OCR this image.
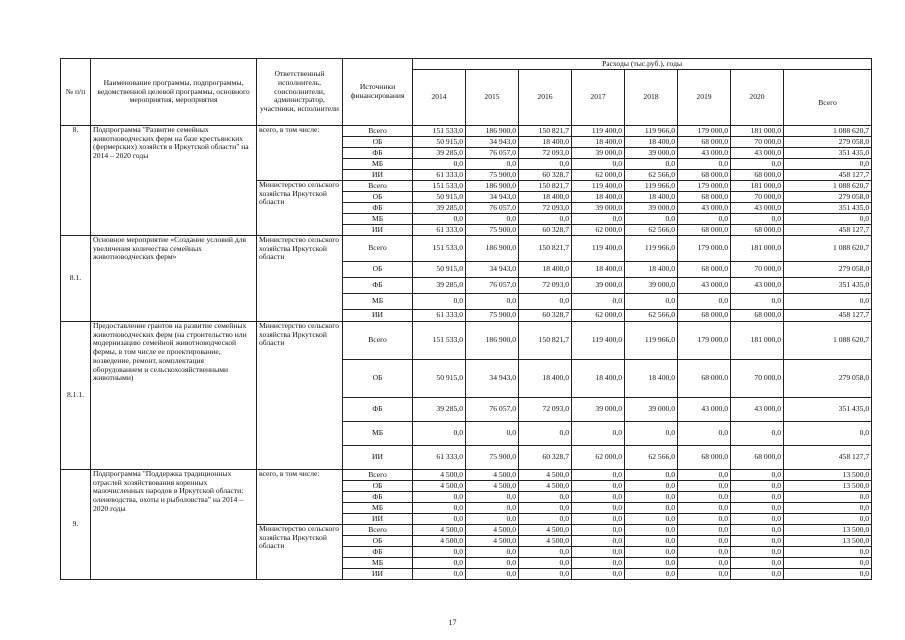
№ п/п	Наименование программы, подпрограммы, ведомственной целевой программы, основного мероприятия, мероприятия	Ответственный исполнитель, соисполнители, администратор, участники, исполнители	Источники финансирования	Расходы (тыс.руб.), годы							
				2014	2015	2016	2017	2018	2019	2020	Всего
8.	Подпрограмма "Развитие семейных животноводческих ферм на базе крестьянских (фермерских) хозяйств в Иркутской области" на 2014 – 2020 годы	всего, в том числе:	Всего	151 533,0	186 900,0	150 821,7	119 400,0	119 966,0	179 000,0	181 000,0	1 088 620,7
			ОБ	50 915,0	34 943,0	18 400,0	18 400,0	18 400,0	68 000,0	70 000,0	279 058,0
			ФБ	39 285,0	76 057,0	72 093,0	39 000,0	39 000,0	43 000,0	43 000,0	351 435,0
			МБ	0,0	0,0	0,0	0,0	0,0	0,0	0,0	0,0
			ИИ	61 333,0	75 900,0	60 328,7	62 000,0	62 566,0	68 000,0	68 000,0	458 127,7
		Министерство сельского хозяйства Иркутской области	Всего	151 533,0	186 900,0	150 821,7	119 400,0	119 966,0	179 000,0	181 000,0	1 088 620,7
			ОБ	50 915,0	34 943,0	18 400,0	18 400,0	18 400,0	68 000,0	70 000,0	279 058,0
			ФБ	39 285,0	76 057,0	72 093,0	39 000,0	39 000,0	43 000,0	43 000,0	351 435,0
			МБ	0,0	0,0	0,0	0,0	0,0	0,0	0,0	0,0
			ИИ	61 333,0	75 900,0	60 328,7	62 000,0	62 566,0	68 000,0	68 000,0	458 127,7
8.1.	Основное мероприятие «Создание условий для увеличения количества семейных животноводческих ферм»	Министерство сельского хозяйства Иркутской области	Всего	151 533,0	186 900,0	150 821,7	119 400,0	119 966,0	179 000,0	181 000,0	1 088 620,7
			ОБ	50 915,0	34 943,0	18 400,0	18 400,0	18 400,0	68 000,0	70 000,0	279 058,0
			ФБ	39 285,0	76 057,0	72 093,0	39 000,0	39 000,0	43 000,0	43 000,0	351 435,0
			МБ	0,0	0,0	0,0	0,0	0,0	0,0	0,0	0,0
			ИИ	61 333,0	75 900,0	60 328,7	62 000,0	62 566,0	68 000,0	68 000,0	458 127,7
8.1.1.	Предоставление грантов на развитие семейных животноводческих ферм (на строительство или модернизацию семейной животноводческой фермы, в том числе ее проектирование, возведение, ремонт, комплектация оборудованием и сельскохозяйственными животными)	Министерство сельского хозяйства Иркутской области	Всего	151 533,0	186 900,0	150 821,7	119 400,0	119 966,0	179 000,0	181 000,0	1 088 620,7
			ОБ	50 915,0	34 943,0	18 400,0	18 400,0	18 400,0	68 000,0	70 000,0	279 058,0
			ФБ	39 285,0	76 057,0	72 093,0	39 000,0	39 000,0	43 000,0	43 000,0	351 435,0
			МБ	0,0	0,0	0,0	0,0	0,0	0,0	0,0	0,0
			ИИ	61 333,0	75 900,0	60 328,7	62 000,0	62 566,0	68 000,0	68 000,0	458 127,7
9.	Подпрограмма "Поддержка традиционных отраслей хозяйствования коренных малочисленных народов в Иркутской области: оленеводства, охоты и рыболовства" на 2014 – 2020 годы	всего, в том числе:	Всего	4 500,0	4 500,0	4 500,0	0,0	0,0	0,0	0,0	13 500,0
			ОБ	4 500,0	4 500,0	4 500,0	0,0	0,0	0,0	0,0	13 500,0
			ФБ	0,0	0,0	0,0	0,0	0,0	0,0	0,0	0,0
			МБ	0,0	0,0	0,0	0,0	0,0	0,0	0,0	0,0
			ИИ	0,0	0,0	0,0	0,0	0,0	0,0	0,0	0,0
		Министерство сельского хозяйства Иркутской области	Всего	4 500,0	4 500,0	4 500,0	0,0	0,0	0,0	0,0	13 500,0
			ОБ	4 500,0	4 500,0	4 500,0	0,0	0,0	0,0	0,0	13 500,0
			ФБ	0,0	0,0	0,0	0,0	0,0	0,0	0,0	0,0
			МБ	0,0	0,0	0,0	0,0	0,0	0,0	0,0	0,0
			ИИ	0,0	0,0	0,0	0,0	0,0	0,0	0,0	0,0
17
